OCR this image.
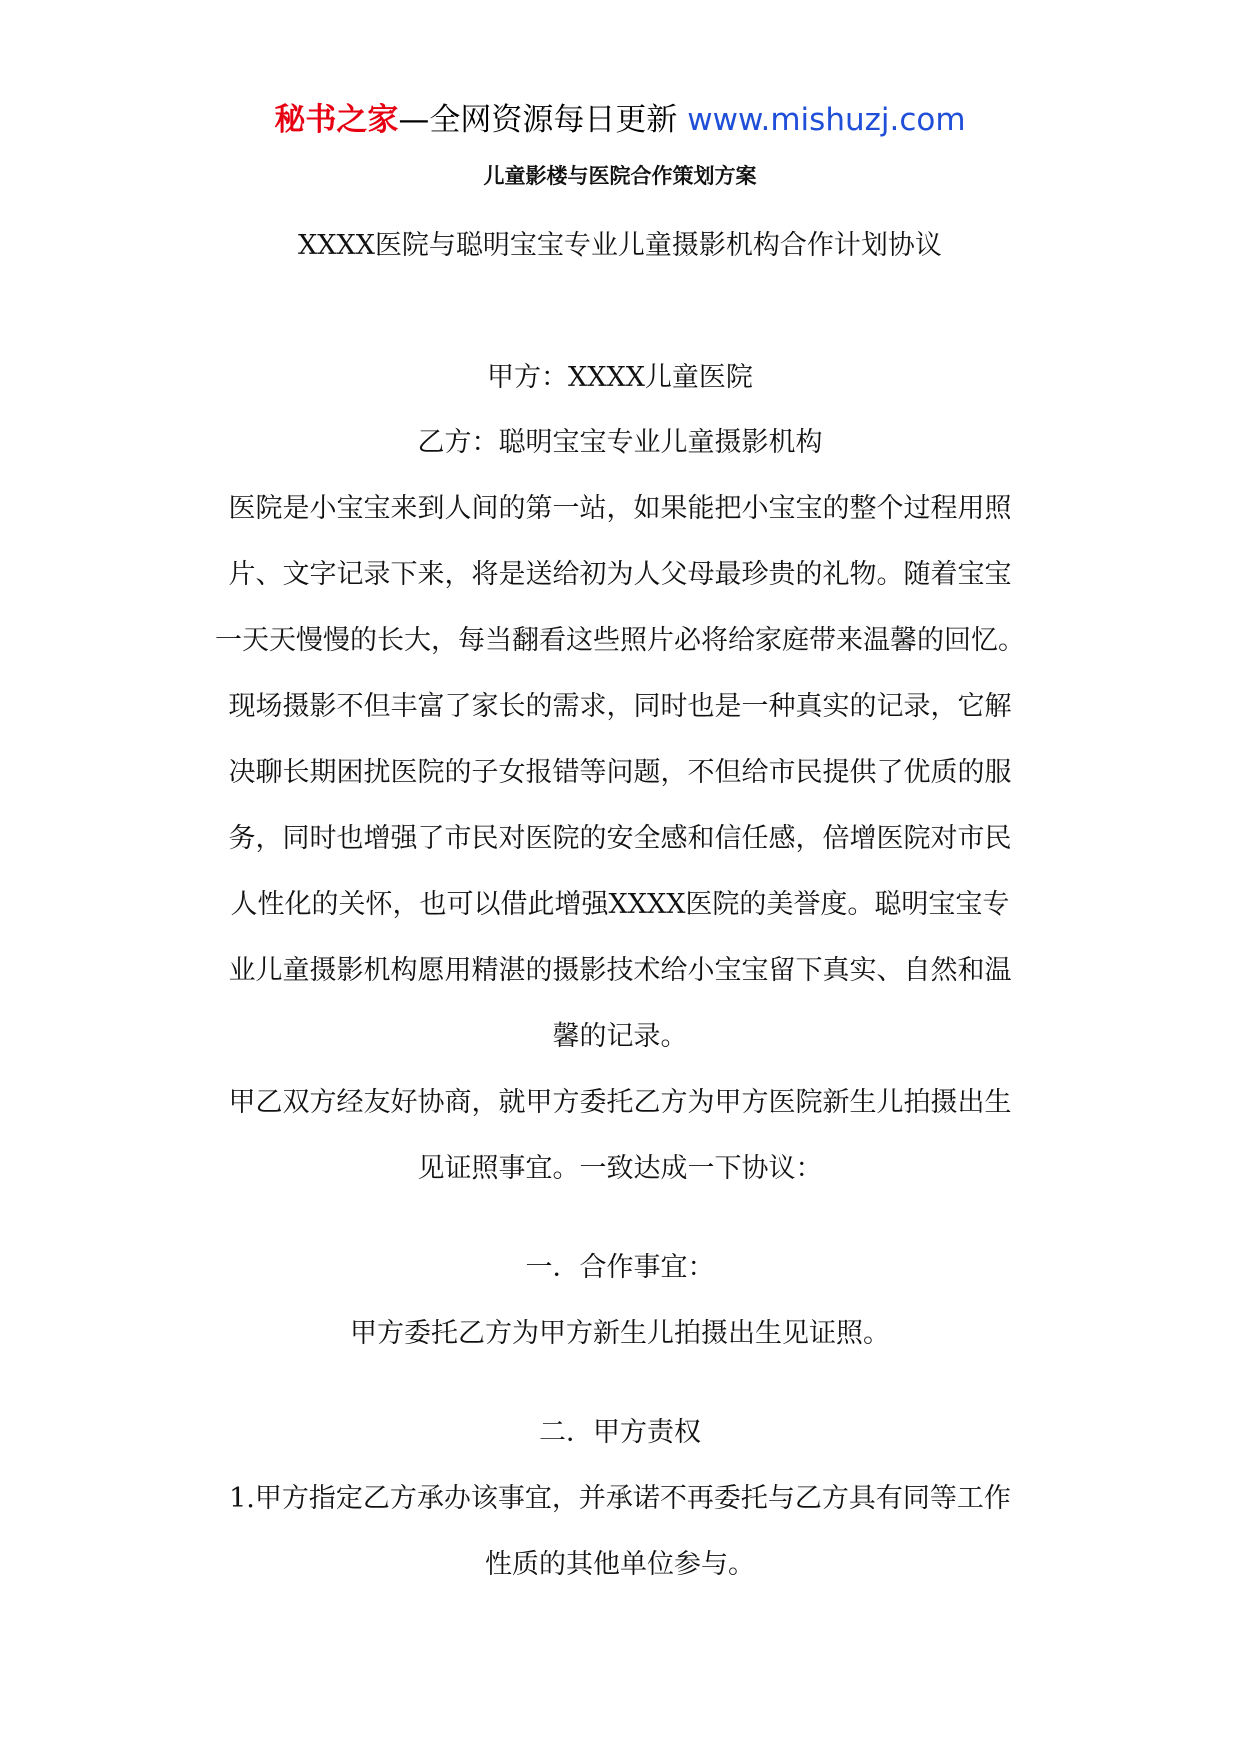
秘书之家—全网资源每日更新 www.mishuzj.com
儿童影楼与医院合作策划方案
XXXX医院与聪明宝宝专业儿童摄影机构合作计划协议
甲方：XXXX儿童医院
乙方：聪明宝宝专业儿童摄影机构
医院是小宝宝来到人间的第一站，如果能把小宝宝的整个过程用照
片、文字记录下来，将是送给初为人父母最珍贵的礼物。随着宝宝
一天天慢慢的长大，每当翻看这些照片必将给家庭带来温馨的回忆。
现场摄影不但丰富了家长的需求，同时也是一种真实的记录，它解
决聊长期困扰医院的子女报错等问题，不但给市民提供了优质的服
务，同时也增强了市民对医院的安全感和信任感，倍增医院对市民
人性化的关怀，也可以借此增强XXXX医院的美誉度。聪明宝宝专
业儿童摄影机构愿用精湛的摄影技术给小宝宝留下真实、自然和温
馨的记录。
甲乙双方经友好协商，就甲方委托乙方为甲方医院新生儿拍摄出生
见证照事宜。一致达成一下协议：
一．合作事宜：
甲方委托乙方为甲方新生儿拍摄出生见证照。
二．甲方责权
1.甲方指定乙方承办该事宜，并承诺不再委托与乙方具有同等工作
性质的其他单位参与。
